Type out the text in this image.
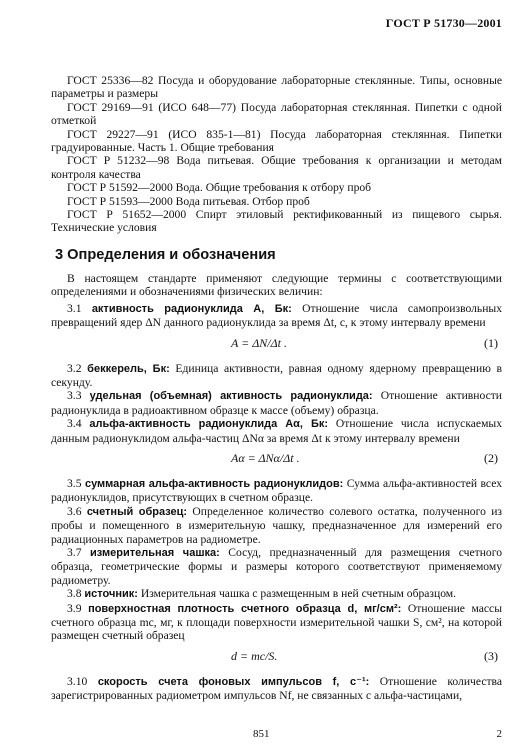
ГОСТ Р 51730—2001

ГОСТ 25336—82 Посуда и оборудование лабораторные стеклянные. Типы, основные параметры и размеры

ГОСТ 29169—91 (ИСО 648—77) Посуда лабораторная стеклянная. Пипетки с одной отметкой

ГОСТ 29227—91 (ИСО 835-1—81) Посуда лабораторная стеклянная. Пипетки градуированные. Часть 1. Общие требования

ГОСТ Р 51232—98 Вода питьевая. Общие требования к организации и методам контроля качества

ГОСТ Р 51592—2000 Вода. Общие требования к отбору проб

ГОСТ Р 51593—2000 Вода питьевая. Отбор проб

ГОСТ Р 51652—2000 Спирт этиловый ректификованный из пищевого сырья. Технические условия

3 Определения и обозначения

В настоящем стандарте применяют следующие термины с соответствующими определениями и обозначениями физических величин:

3.1 активность радионуклида A, Бк: Отношение числа самопроизвольных превращений ядер ΔN данного радионуклида за время Δt, с, к этому интервалу времени

A = ΔN/Δt .	(1)

3.2 беккерель, Бк: Единица активности, равная одному ядерному превращению в секунду.

3.3 удельная (объемная) активность радионуклида: Отношение активности радионуклида в радиоактивном образце к массе (объему) образца.

3.4 альфа-активность радионуклида Aα, Бк: Отношение числа испускаемых данным радионуклидом альфа-частиц ΔNα за время Δt к этому интервалу времени

Aα = ΔNα/Δt .	(2)

3.5 суммарная альфа-активность радионуклидов: Сумма альфа-активностей всех радионуклидов, присутствующих в счетном образце.

3.6 счетный образец: Определенное количество солевого остатка, полученного из пробы и помещенного в измерительную чашку, предназначенное для измерений его радиационных параметров на радиометре.

3.7 измерительная чашка: Сосуд, предназначенный для размещения счетного образца, геометрические формы и размеры которого соответствуют применяемому радиометру.

3.8 источник: Измерительная чашка с размещенным в ней счетным образцом.

3.9 поверхностная плотность счетного образца d, мг/см²: Отношение массы счетного образца mс, мг, к площади поверхности измерительной чашки S, см², на которой размещен счетный образец

d = mс/S.	(3)

3.10 скорость счета фоновых импульсов f, с⁻¹: Отношение количества зарегистрированных радиометром импульсов Nf, не связанных с альфа-частицами,

851	2
